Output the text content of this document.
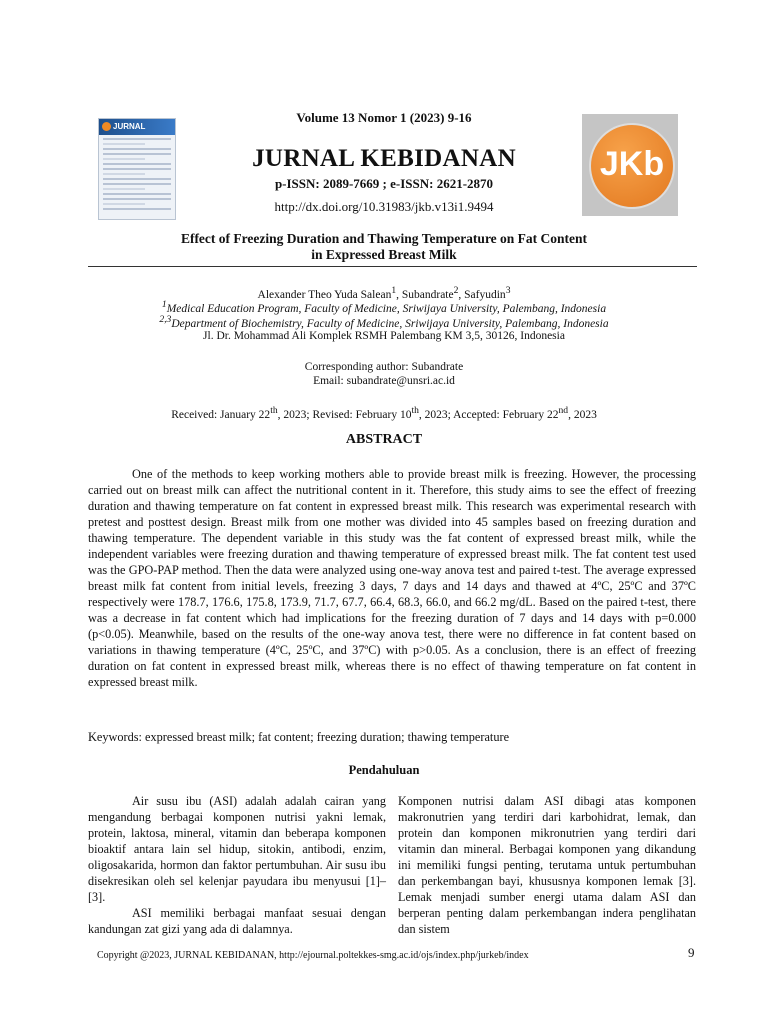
Volume 13 Nomor 1 (2023) 9-16
JURNAL
JURNAL KEBIDANAN
p-ISSN: 2089-7669 ; e-ISSN: 2621-2870
http://dx.doi.org/10.31983/jkb.v13i1.9494
JKb
Effect of Freezing Duration and Thawing Temperature on Fat Content
in Expressed Breast Milk
Alexander Theo Yuda Salean$^1$, Subandrate$^2$, Safyudin$^3$
$^1$Medical Education Program, Faculty of Medicine, Sriwijaya University, Palembang, Indonesia
$^{2,3}$Department of Biochemistry, Faculty of Medicine, Sriwijaya University, Palembang, Indonesia
Jl. Dr. Mohammad Ali Komplek RSMH Palembang KM 3,5, 30126, Indonesia
Corresponding author: Subandrate
Email: subandrate@unsri.ac.id
Received: January 22th, 2023; Revised: February 10th, 2023; Accepted: February 22nd, 2023
ABSTRACT

One of the methods to keep working mothers able to provide breast milk is freezing. However, the processing carried out on breast milk can affect the nutritional content in it. Therefore, this study aims to see the effect of freezing duration and thawing temperature on fat content in expressed breast milk. This research was experimental research with pretest and posttest design. Breast milk from one mother was divided into 45 samples based on freezing duration and thawing temperature. The dependent variable in this study was the fat content of expressed breast milk, while the independent variables were freezing duration and thawing temperature of expressed breast milk. The fat content test used was the GPO-PAP method. Then the data were analyzed using one-way anova test and paired t-test. The average expressed breast milk fat content from initial levels, freezing 3 days, 7 days and 14 days and thawed at 4ºC, 25ºC and 37ºC respectively were 178.7, 176.6, 175.8, 173.9, 71.7, 67.7, 66.4, 68.3, 66.0, and 66.2 mg/dL. Based on the paired t-test, there was a decrease in fat content which had implications for the freezing duration of 7 days and 14 days with p=0.000 (p<0.05). Meanwhile, based on the results of the one-way anova test, there were no difference in fat content based on variations in thawing temperature (4ºC, 25ºC, and 37ºC) with p>0.05. As a conclusion, there is an effect of freezing duration on fat content in expressed breast milk, whereas there is no effect of thawing temperature on fat content in expressed breast milk.

Keywords: expressed breast milk; fat content; freezing duration; thawing temperature
Pendahuluan

Air susu ibu (ASI) adalah adalah cairan yang mengandung berbagai komponen nutrisi yakni lemak, protein, laktosa, mineral, vitamin dan beberapa komponen bioaktif antara lain sel hidup, sitokin, antibodi, enzim, oligosakarida, hormon dan faktor pertumbuhan. Air susu ibu disekresikan oleh sel kelenjar payudara ibu menyusui [1]–[3].

ASI memiliki berbagai manfaat sesuai dengan kandungan zat gizi yang ada di dalamnya.

Komponen nutrisi dalam ASI dibagi atas komponen makronutrien yang terdiri dari karbohidrat, lemak, dan protein dan komponen mikronutrien yang terdiri dari vitamin dan mineral. Berbagai komponen yang dikandung ini memiliki fungsi penting, terutama untuk pertumbuhan dan perkembangan bayi, khususnya komponen lemak [3]. Lemak menjadi sumber energi utama dalam ASI dan berperan penting dalam perkembangan indera penglihatan dan sistem

Copyright @2023, JURNAL KEBIDANAN, http://ejournal.poltekkes-smg.ac.id/ojs/index.php/jurkeb/index	9
